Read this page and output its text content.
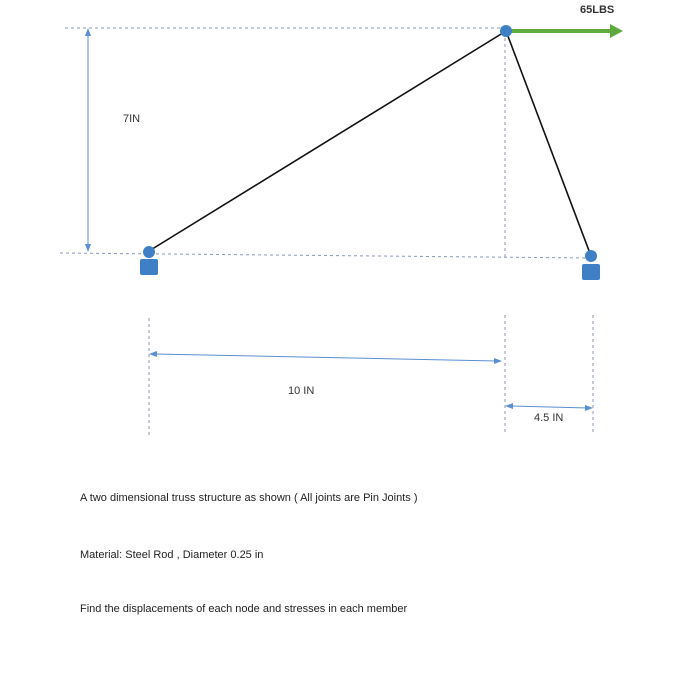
65LBS
7IN
10 IN
4.5 IN
A two dimensional truss structure as shown ( All joints are Pin Joints )
Material: Steel Rod , Diameter 0.25 in
Find the displacements of each node and stresses in each member
